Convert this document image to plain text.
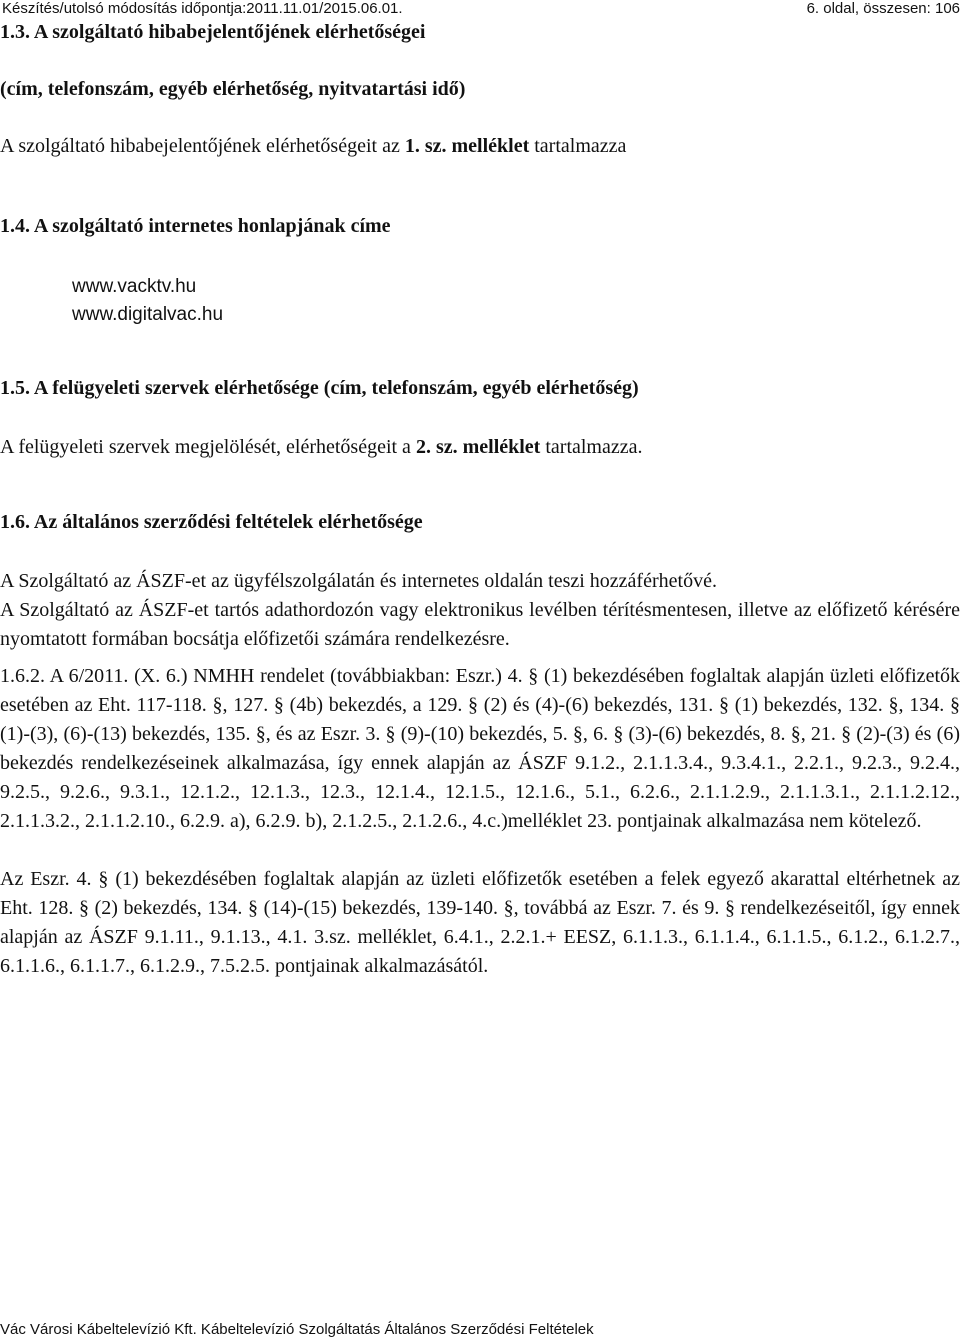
Készítés/utolsó módosítás időpontja:2011.11.01/2015.06.01.	6. oldal, összesen: 106

1.3. A szolgáltató hibabejelentőjének elérhetőségei

(cím, telefonszám, egyéb elérhetőség, nyitvatartási idő)

A szolgáltató hibabejelentőjének elérhetőségeit az 1. sz. melléklet tartalmazza

1.4. A szolgáltató internetes honlapjának címe

www.vacktv.hu

www.digitalvac.hu

1.5. A felügyeleti szervek elérhetősége (cím, telefonszám, egyéb elérhetőség)

A felügyeleti szervek megjelölését, elérhetőségeit a 2. sz. melléklet tartalmazza.

1.6. Az általános szerződési feltételek elérhetősége

A Szolgáltató az ÁSZF-et az ügyfélszolgálatán és internetes oldalán teszi hozzáférhetővé.

A Szolgáltató az ÁSZF-et tartós adathordozón vagy elektronikus levélben térítésmentesen, illetve az előfizető kérésére nyomtatott formában bocsátja előfizetői számára rendelkezésre.

1.6.2. A 6/2011. (X. 6.) NMHH rendelet (továbbiakban: Eszr.) 4. § (1) bekezdésében foglaltak alapján üzleti előfizetők esetében az Eht. 117-118. §, 127. § (4b) bekezdés, a 129. § (2) és (4)-(6) bekezdés, 131. § (1) bekezdés, 132. §, 134. § (1)-(3), (6)-(13) bekezdés, 135. §, és az Eszr. 3. § (9)-(10) bekezdés, 5. §, 6. § (3)-(6) bekezdés, 8. §, 21. § (2)-(3) és (6) bekezdés rendelkezéseinek alkalmazása, így ennek alapján az ÁSZF 9.1.2., 2.1.1.3.4., 9.3.4.1., 2.2.1., 9.2.3., 9.2.4., 9.2.5., 9.2.6., 9.3.1., 12.1.2., 12.1.3., 12.3., 12.1.4., 12.1.5., 12.1.6., 5.1., 6.2.6., 2.1.1.2.9., 2.1.1.3.1., 2.1.1.2.12., 2.1.1.3.2., 2.1.1.2.10., 6.2.9. a), 6.2.9. b), 2.1.2.5., 2.1.2.6., 4.c.)melléklet 23. pontjainak alkalmazása nem kötelező.

Az Eszr. 4. § (1) bekezdésében foglaltak alapján az üzleti előfizetők esetében a felek egyező akarattal eltérhetnek az Eht. 128. § (2) bekezdés, 134. § (14)-(15) bekezdés, 139-140. §, továbbá az Eszr. 7. és 9. § rendelkezéseitől, így ennek alapján az ÁSZF 9.1.11., 9.1.13., 4.1. 3.sz. melléklet, 6.4.1., 2.2.1.+ EESZ, 6.1.1.3., 6.1.1.4., 6.1.1.5., 6.1.2., 6.1.2.7., 6.1.1.6., 6.1.1.7., 6.1.2.9., 7.5.2.5. pontjainak alkalmazásától.

Vác Városi Kábeltelevízió Kft. Kábeltelevízió Szolgáltatás Általános Szerződési Feltételek
